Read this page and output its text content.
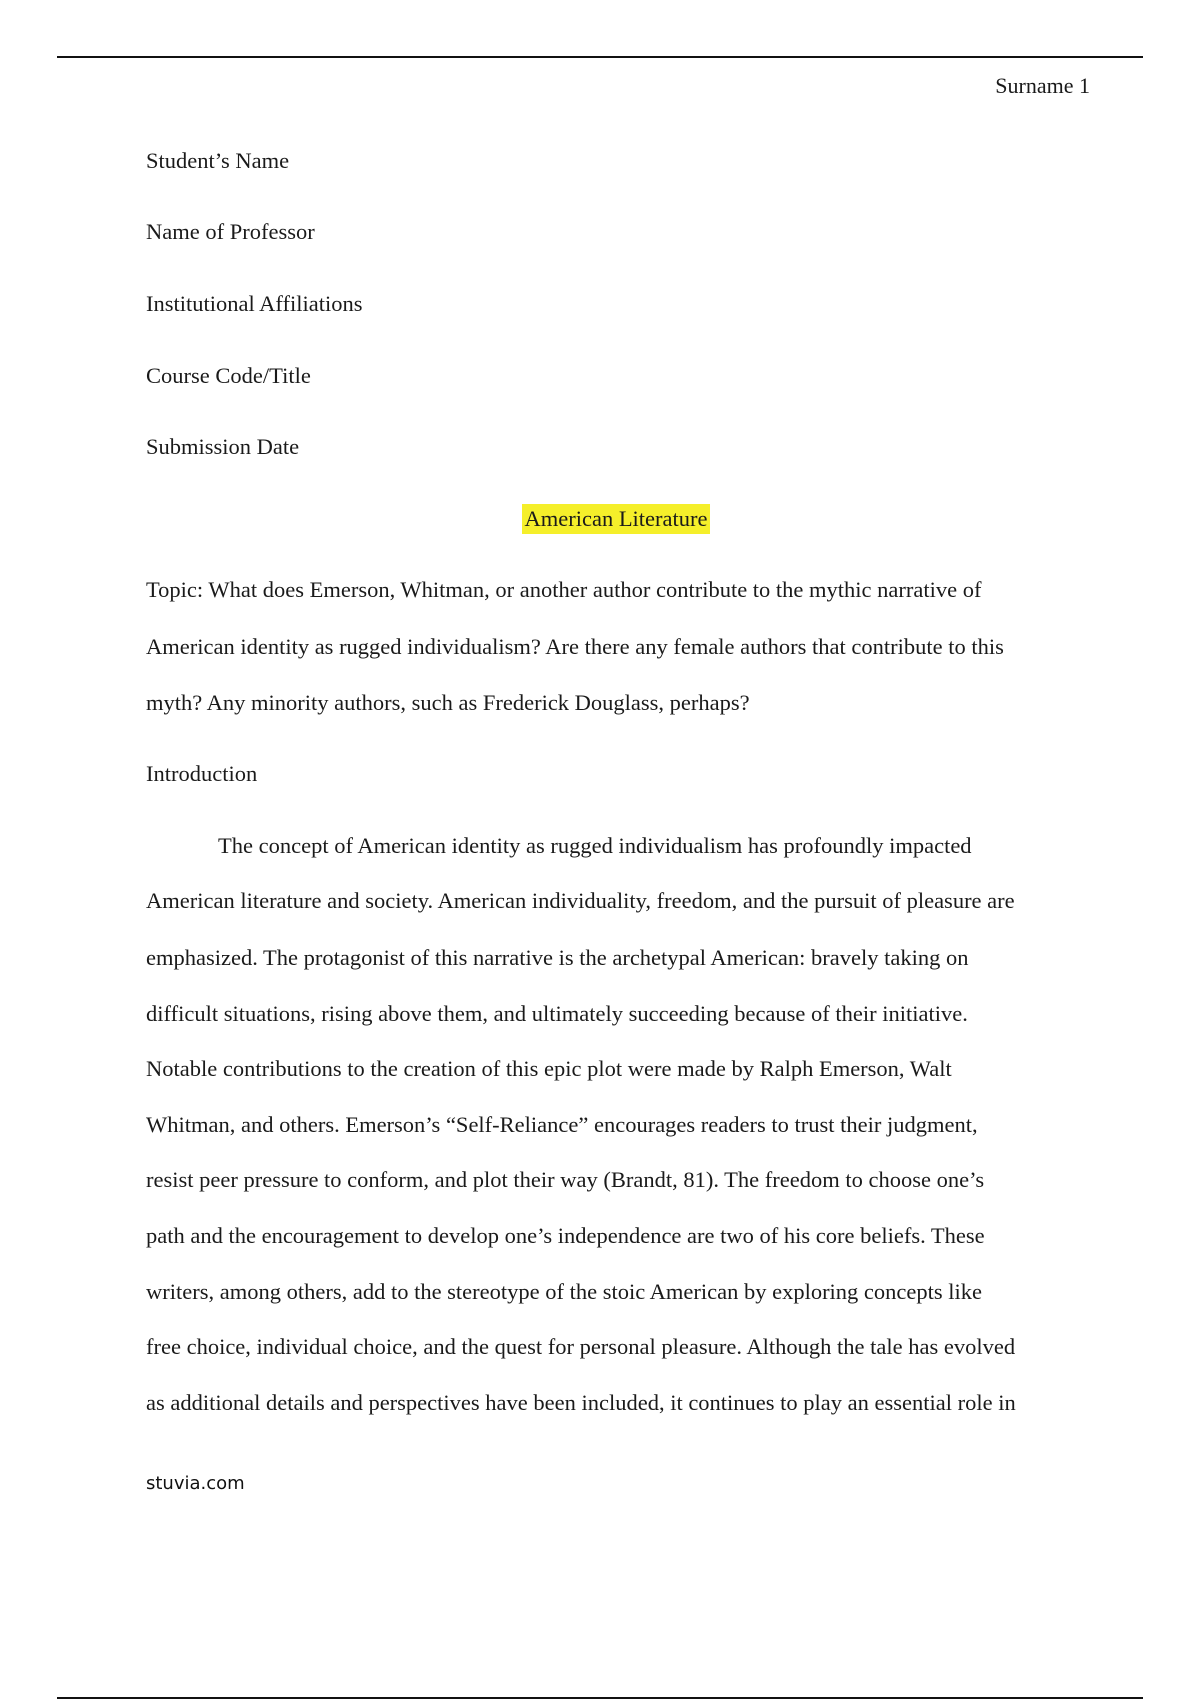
Surname 1
Student’s Name
Name of Professor
Institutional Affiliations
Course Code/Title
Submission Date
American Literature
Topic: What does Emerson, Whitman, or another author contribute to the mythic narrative of
American identity as rugged individualism? Are there any female authors that contribute to this
myth? Any minority authors, such as Frederick Douglass, perhaps?
Introduction
The concept of American identity as rugged individualism has profoundly impacted
American literature and society. American individuality, freedom, and the pursuit of pleasure are
emphasized. The protagonist of this narrative is the archetypal American: bravely taking on
difficult situations, rising above them, and ultimately succeeding because of their initiative.
Notable contributions to the creation of this epic plot were made by Ralph Emerson, Walt
Whitman, and others. Emerson’s “Self-Reliance” encourages readers to trust their judgment,
resist peer pressure to conform, and plot their way (Brandt, 81). The freedom to choose one’s
path and the encouragement to develop one’s independence are two of his core beliefs. These
writers, among others, add to the stereotype of the stoic American by exploring concepts like
free choice, individual choice, and the quest for personal pleasure. Although the tale has evolved
as additional details and perspectives have been included, it continues to play an essential role in
stuvia.com
